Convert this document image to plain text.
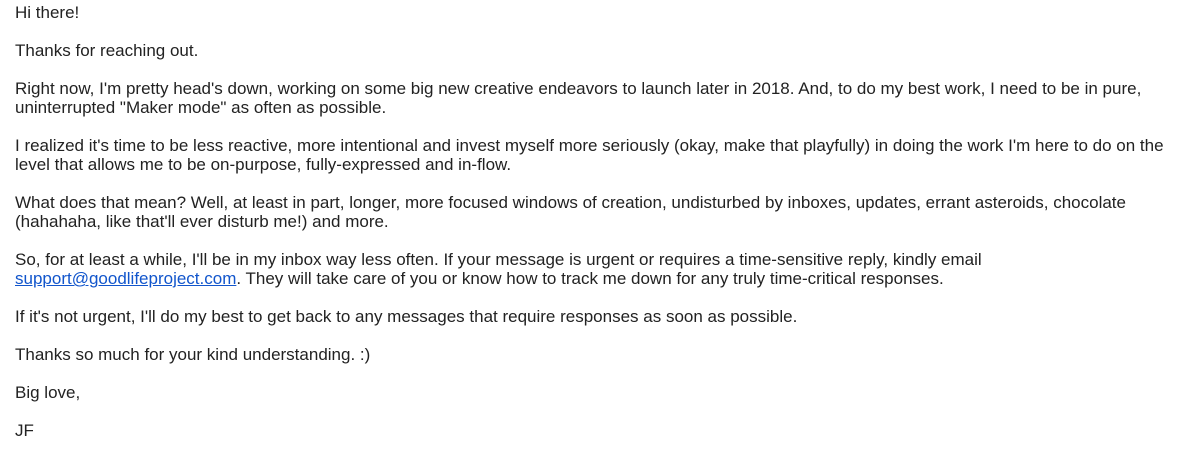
Hi there!

Thanks for reaching out.

Right now, I'm pretty head's down, working on some big new creative endeavors to launch later in 2018. And, to do my best work, I need to be in pure, uninterrupted "Maker mode" as often as possible.

I realized it's time to be less reactive, more intentional and invest myself more seriously (okay, make that playfully) in doing the work I'm here to do on the level that allows me to be on-purpose, fully-expressed and in-flow.

What does that mean? Well, at least in part, longer, more focused windows of creation, undisturbed by inboxes, updates, errant asteroids, chocolate (hahahaha, like that'll ever disturb me!) and more.

So, for at least a while, I'll be in my inbox way less often. If your message is urgent or requires a time-sensitive reply, kindly email support@goodlifeproject.com. They will take care of you or know how to track me down for any truly time-critical responses.

If it's not urgent, I'll do my best to get back to any messages that require responses as soon as possible.

Thanks so much for your kind understanding. :)

Big love,

JF
